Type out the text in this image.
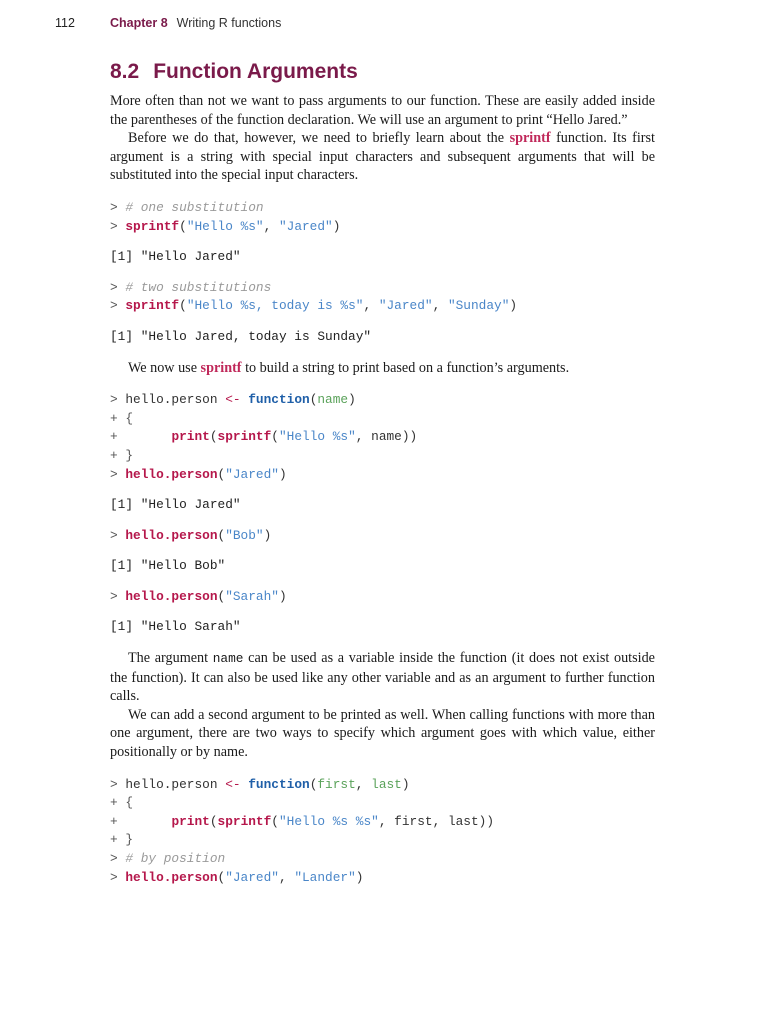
112	Chapter 8 Writing R functions
8.2 Function Arguments

More often than not we want to pass arguments to our function. These are easily added inside the parentheses of the function declaration. We will use an argument to print “Hello Jared.”

Before we do that, however, we need to briefly learn about the sprintf function. Its first argument is a string with special input characters and subsequent arguments that will be substituted into the special input characters.

> # one substitution
> sprintf("Hello %s", "Jared")
[1] "Hello Jared"
> # two substitutions
> sprintf("Hello %s, today is %s", "Jared", "Sunday")
[1] "Hello Jared, today is Sunday"

We now use sprintf to build a string to print based on a function’s arguments.

> hello.person <- function(name)
+ {
+       print(sprintf("Hello %s", name))
+ }
> hello.person("Jared")
[1] "Hello Jared"
> hello.person("Bob")
[1] "Hello Bob"
> hello.person("Sarah")
[1] "Hello Sarah"

The argument name can be used as a variable inside the function (it does not exist outside the function). It can also be used like any other variable and as an argument to further function calls.

We can add a second argument to be printed as well. When calling functions with more than one argument, there are two ways to specify which argument goes with which value, either positionally or by name.

> hello.person <- function(first, last)
+ {
+       print(sprintf("Hello %s %s", first, last))
+ }
> # by position
> hello.person("Jared", "Lander")
